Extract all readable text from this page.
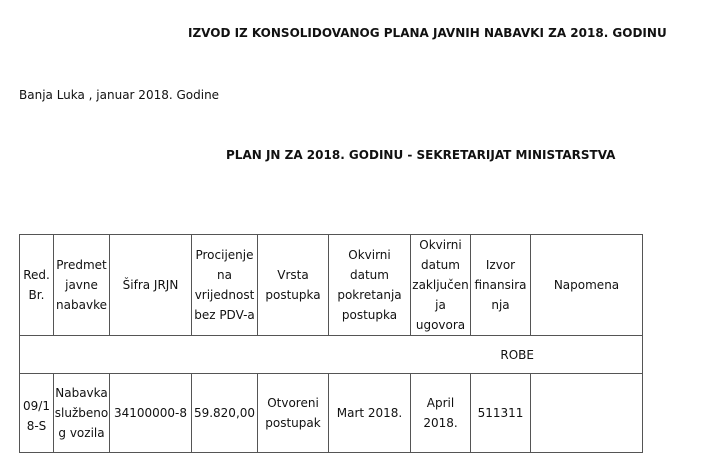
IZVOD IZ KONSOLIDOVANOG PLANA JAVNIH NABAVKI ZA 2018. GODINU
Banja Luka , januar 2018. Godine
PLAN JN ZA 2018. GODINU - SEKRETARIJAT MINISTARSTVA
Red. Br.	Predmet javne nabavke	Šifra JRJN	Procijenjena vrijednost bez PDV-a	Vrsta postupka	Okvirni datum pokretanja postupka	Okvirni datum zaključenja ugovora	Izvor finansiranja	Napomena

ROBE								

09/18-S	Nabavka službenog vozila	34100000-8	59.820,00	Otvoreni postupak	Mart 2018.	April 2018.	511311	
